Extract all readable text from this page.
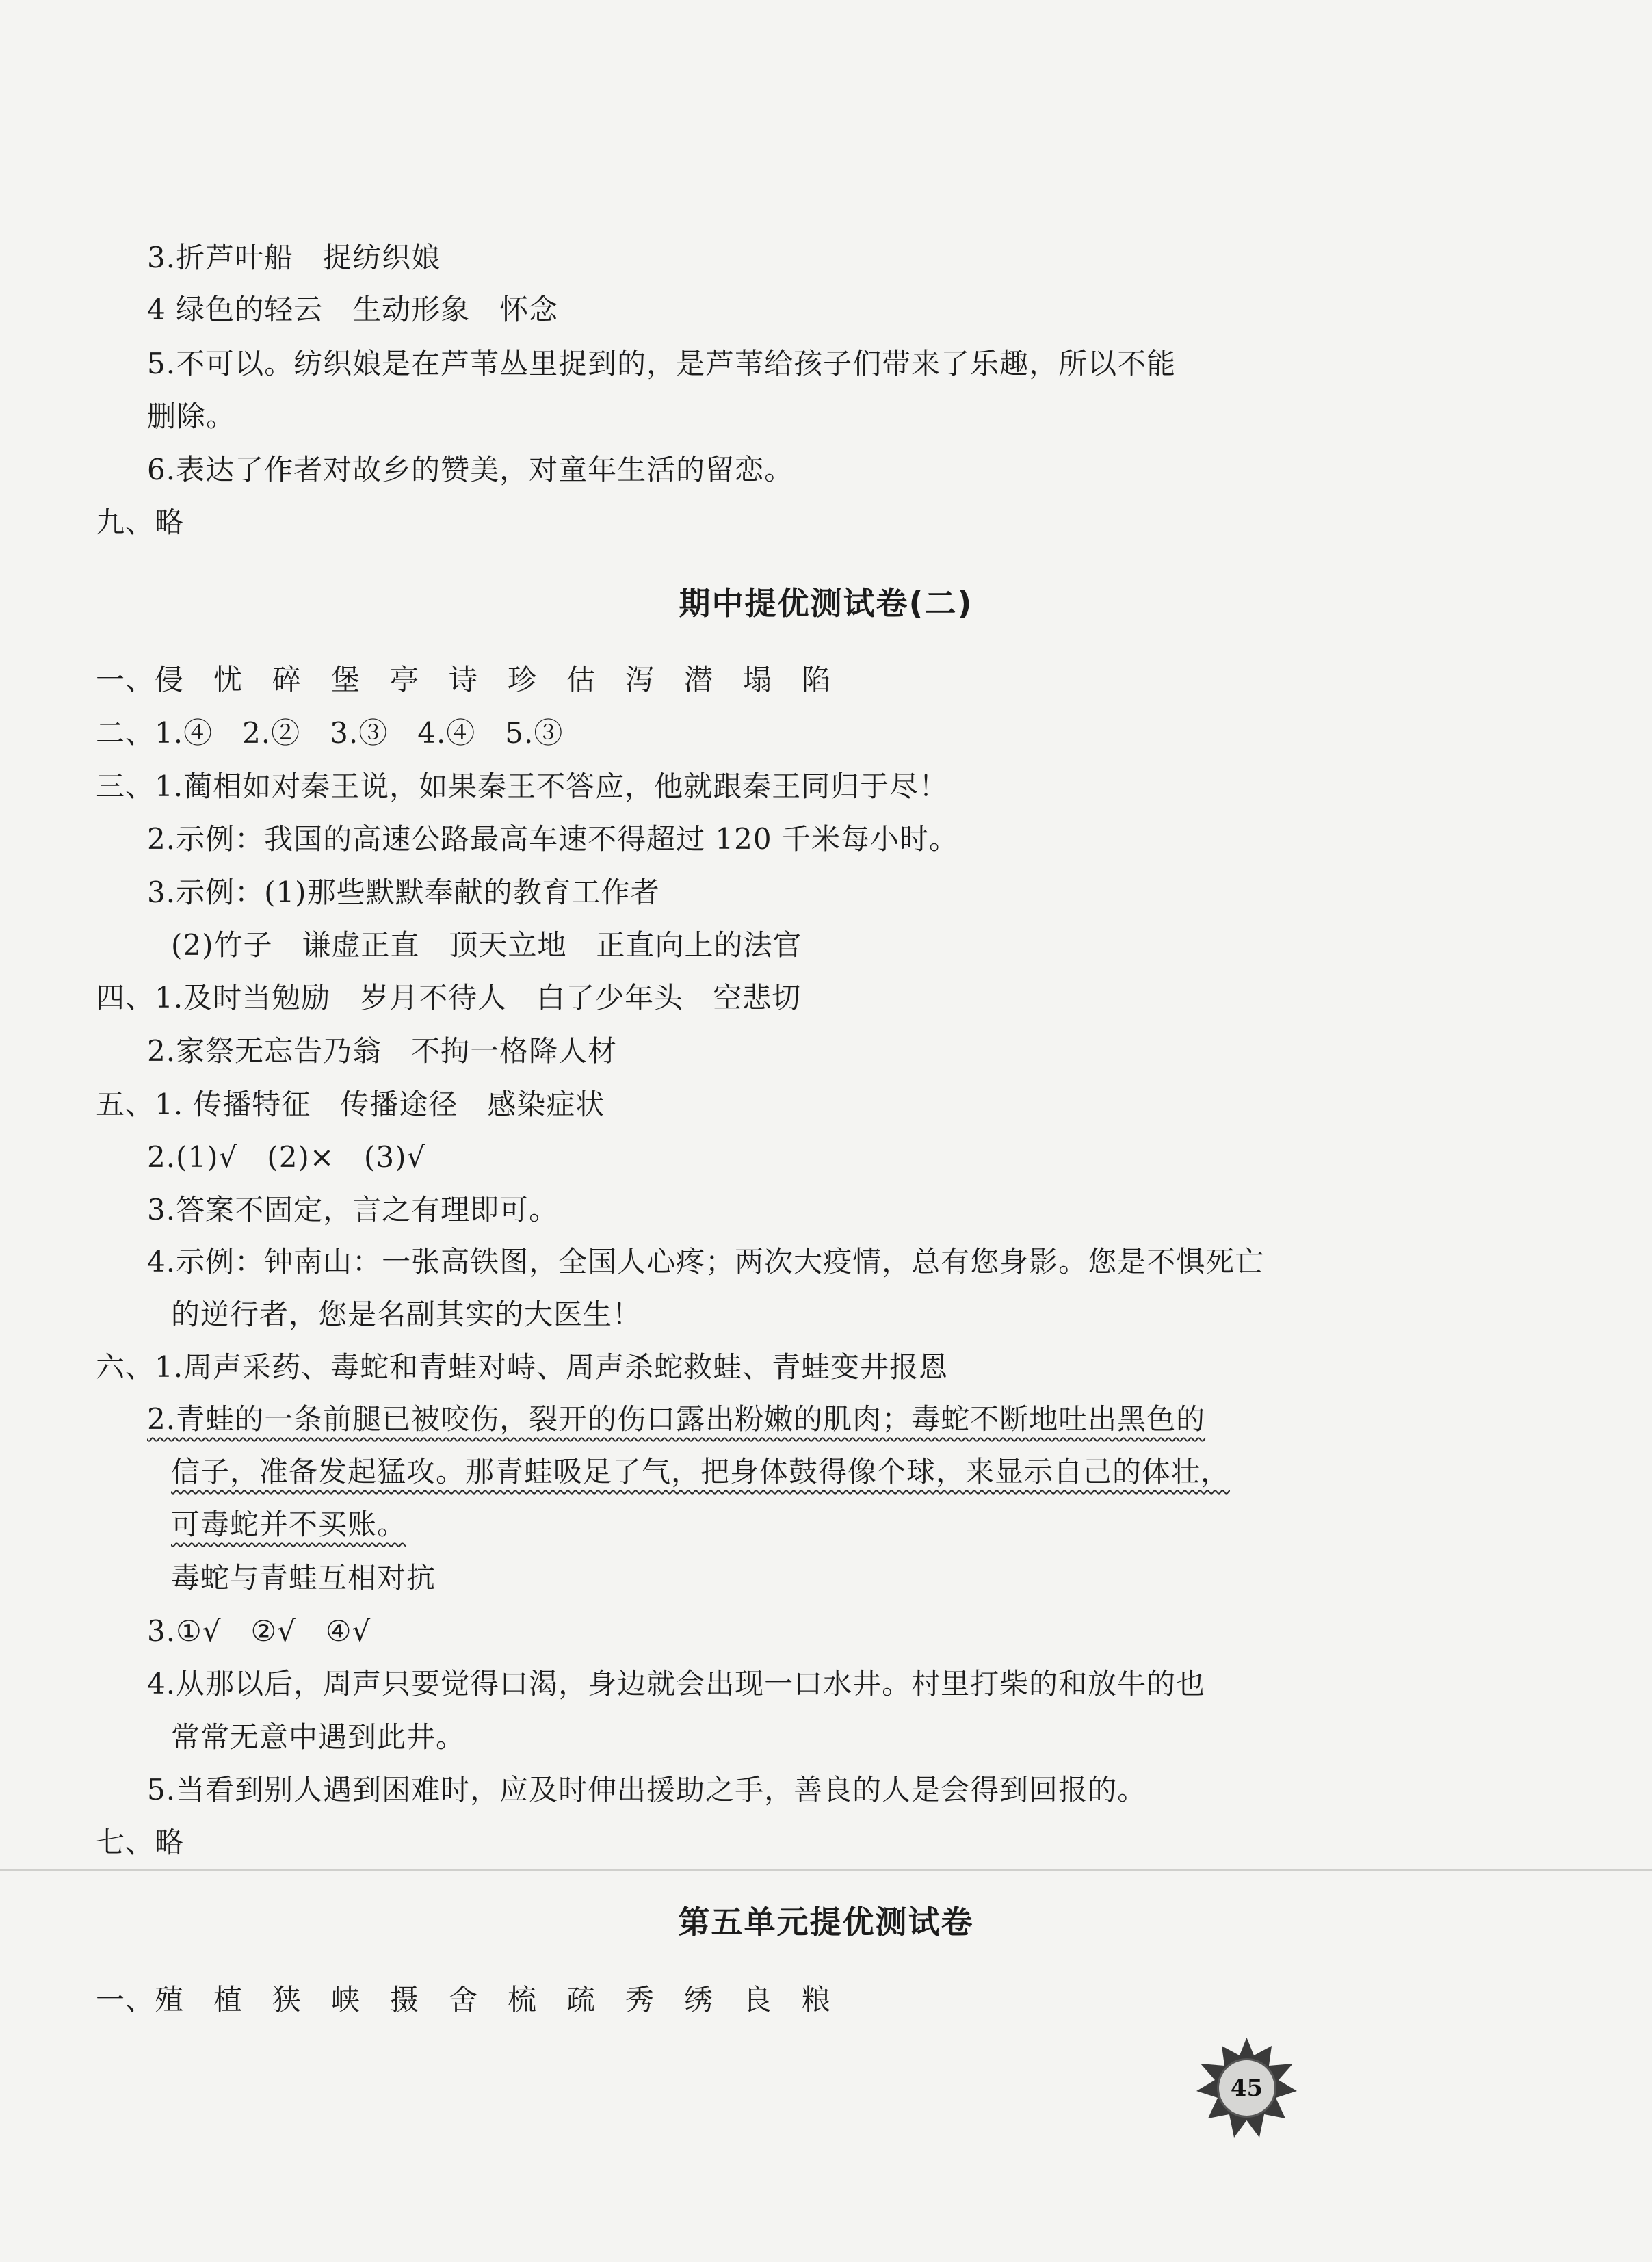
3.折芦叶船　捉纺织娘
4 绿色的轻云　生动形象　怀念
5.不可以。纺织娘是在芦苇丛里捉到的，是芦苇给孩子们带来了乐趣，所以不能
删除。
6.表达了作者对故乡的赞美，对童年生活的留恋。
九、略
期中提优测试卷(二)
一、侵　忧　碎　堡　亭　诗　珍　估　泻　潜　塌　陷
二、1.④　2.②　3.③　4.④　5.③
三、1.蔺相如对秦王说，如果秦王不答应，他就跟秦王同归于尽！
2.示例：我国的高速公路最高车速不得超过 120 千米每小时。
3.示例：(1)那些默默奉献的教育工作者
(2)竹子　谦虚正直　顶天立地　正直向上的法官
四、1.及时当勉励　岁月不待人　白了少年头　空悲切
2.家祭无忘告乃翁　不拘一格降人材
五、1. 传播特征　传播途径　感染症状
2.(1)√　(2)×　(3)√
3.答案不固定，言之有理即可。
4.示例：钟南山：一张高铁图，全国人心疼；两次大疫情，总有您身影。您是不惧死亡
的逆行者，您是名副其实的大医生！
六、1.周声采药、毒蛇和青蛙对峙、周声杀蛇救蛙、青蛙变井报恩
2.青蛙的一条前腿已被咬伤，裂开的伤口露出粉嫩的肌肉；毒蛇不断地吐出黑色的
信子，准备发起猛攻。那青蛙吸足了气，把身体鼓得像个球，来显示自己的体壮，
可毒蛇并不买账。
毒蛇与青蛙互相对抗
3.①√　②√　④√
4.从那以后，周声只要觉得口渴，身边就会出现一口水井。村里打柴的和放牛的也
常常无意中遇到此井。
5.当看到别人遇到困难时，应及时伸出援助之手，善良的人是会得到回报的。
七、略
第五单元提优测试卷
一、殖　植　狭　峡　摄　舍　梳　疏　秀　绣　良　粮
45
